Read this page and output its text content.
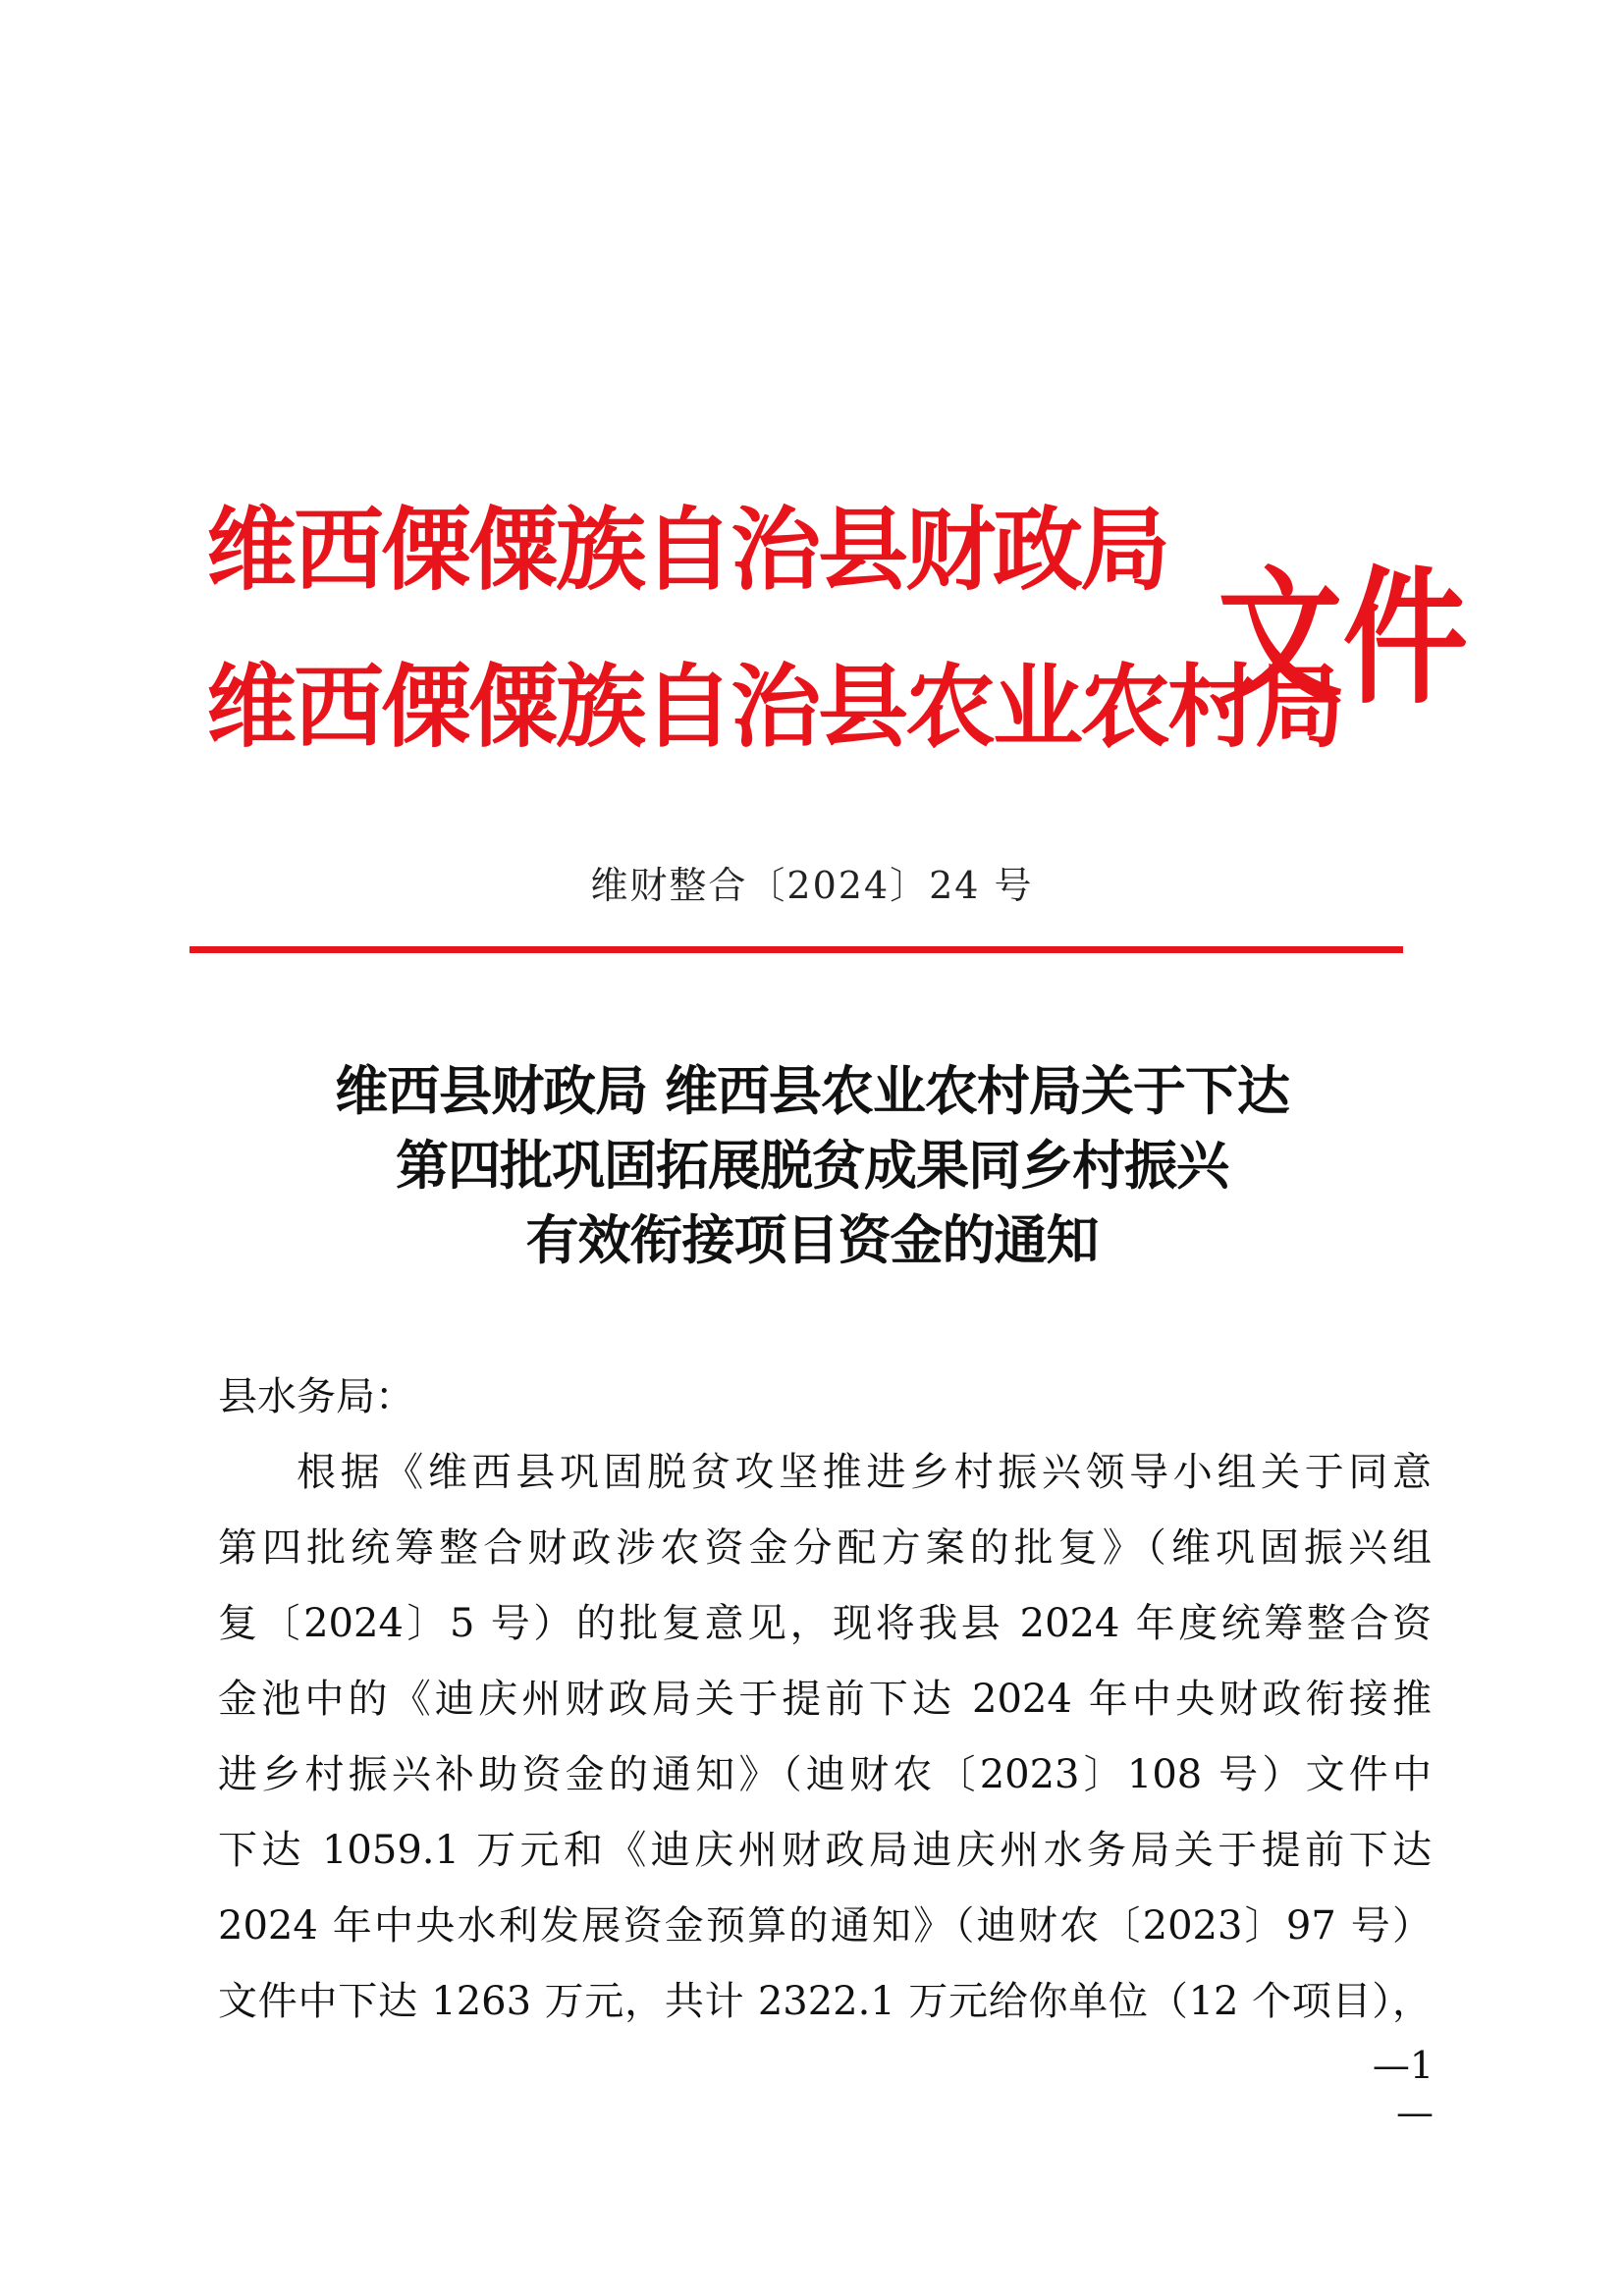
维西傈僳族自治县财政局
维西傈僳族自治县农业农村局
文件
维财整合〔2024〕24 号
维西县财政局 维西县农业农村局关于下达
第四批巩固拓展脱贫成果同乡村振兴
有效衔接项目资金的通知
县水务局：
根据《维西县巩固脱贫攻坚推进乡村振兴领导小组关于同意
第四批统筹整合财政涉农资金分配方案的批复》（维巩固振兴组
复〔2024〕5 号）的批复意见，现将我县 2024 年度统筹整合资
金池中的《迪庆州财政局关于提前下达 2024 年中央财政衔接推
进乡村振兴补助资金的通知》（迪财农〔2023〕108 号）文件中
下达 1059.1 万元和《迪庆州财政局迪庆州水务局关于提前下达
2024 年中央水利发展资金预算的通知》（迪财农〔2023〕97 号）
文件中下达 1263 万元，共计 2322.1 万元给你单位（12 个项目），
—1—
